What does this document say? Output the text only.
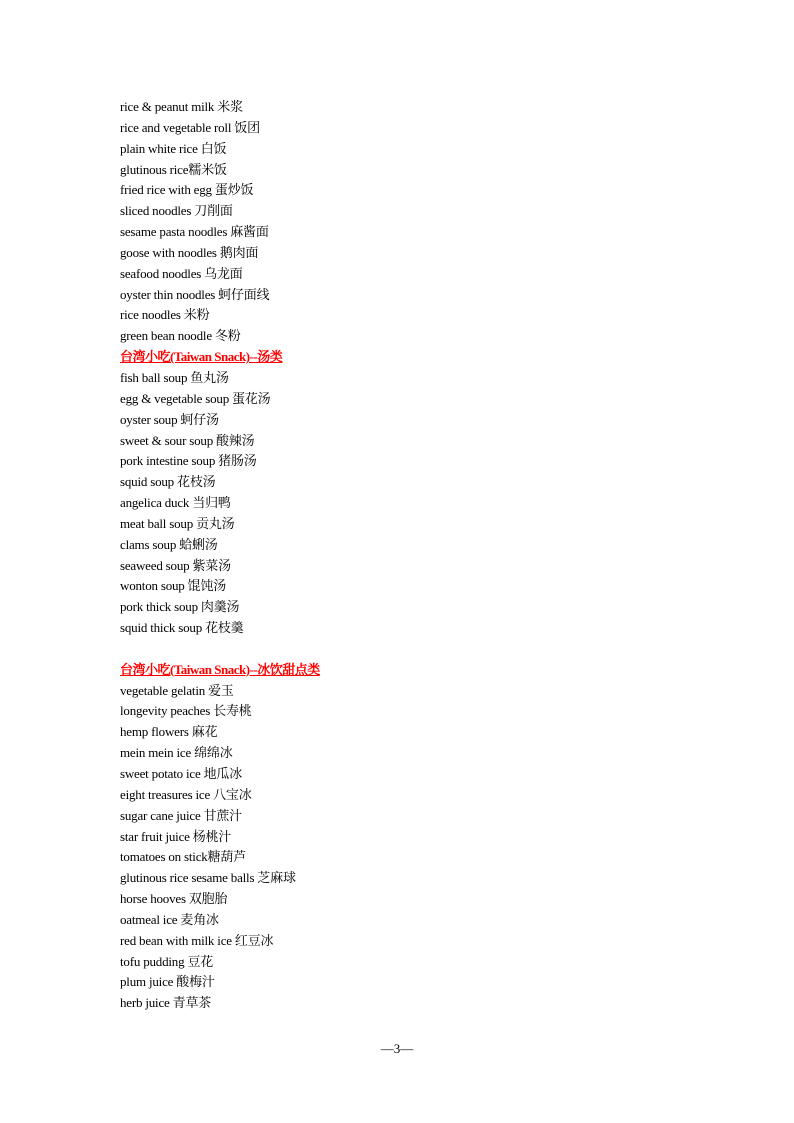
rice & peanut milk 米浆
rice and vegetable roll 饭团
plain white rice 白饭
glutinous rice糯米饭
fried rice with egg 蛋炒饭
sliced noodles 刀削面
sesame pasta noodles 麻酱面
goose with noodles 鹅肉面
seafood noodles 乌龙面
oyster thin noodles 蚵仔面线
rice noodles 米粉
green bean noodle 冬粉
台湾小吃(Taiwan Snack)--汤类
fish ball soup 鱼丸汤
egg & vegetable soup 蛋花汤
oyster soup 蚵仔汤
sweet & sour soup 酸辣汤
pork intestine soup 猪肠汤
squid soup 花枝汤
angelica duck 当归鸭
meat ball soup 贡丸汤
clams soup 蛤蜊汤
seaweed soup 紫菜汤
wonton soup 馄饨汤
pork thick soup 肉羹汤
squid thick soup 花枝羹
台湾小吃(Taiwan Snack)--冰饮甜点类
vegetable gelatin 爱玉
longevity peaches 长寿桃
hemp flowers 麻花
mein mein ice 绵绵冰
sweet potato ice 地瓜冰
eight treasures ice 八宝冰
sugar cane juice 甘蔗汁
star fruit juice 杨桃汁
tomatoes on stick糖葫芦
glutinous rice sesame balls 芝麻球
horse hooves 双胞胎
oatmeal ice 麦角冰
red bean with milk ice 红豆冰
tofu pudding 豆花
plum juice 酸梅汁
herb juice 青草茶
—3—
